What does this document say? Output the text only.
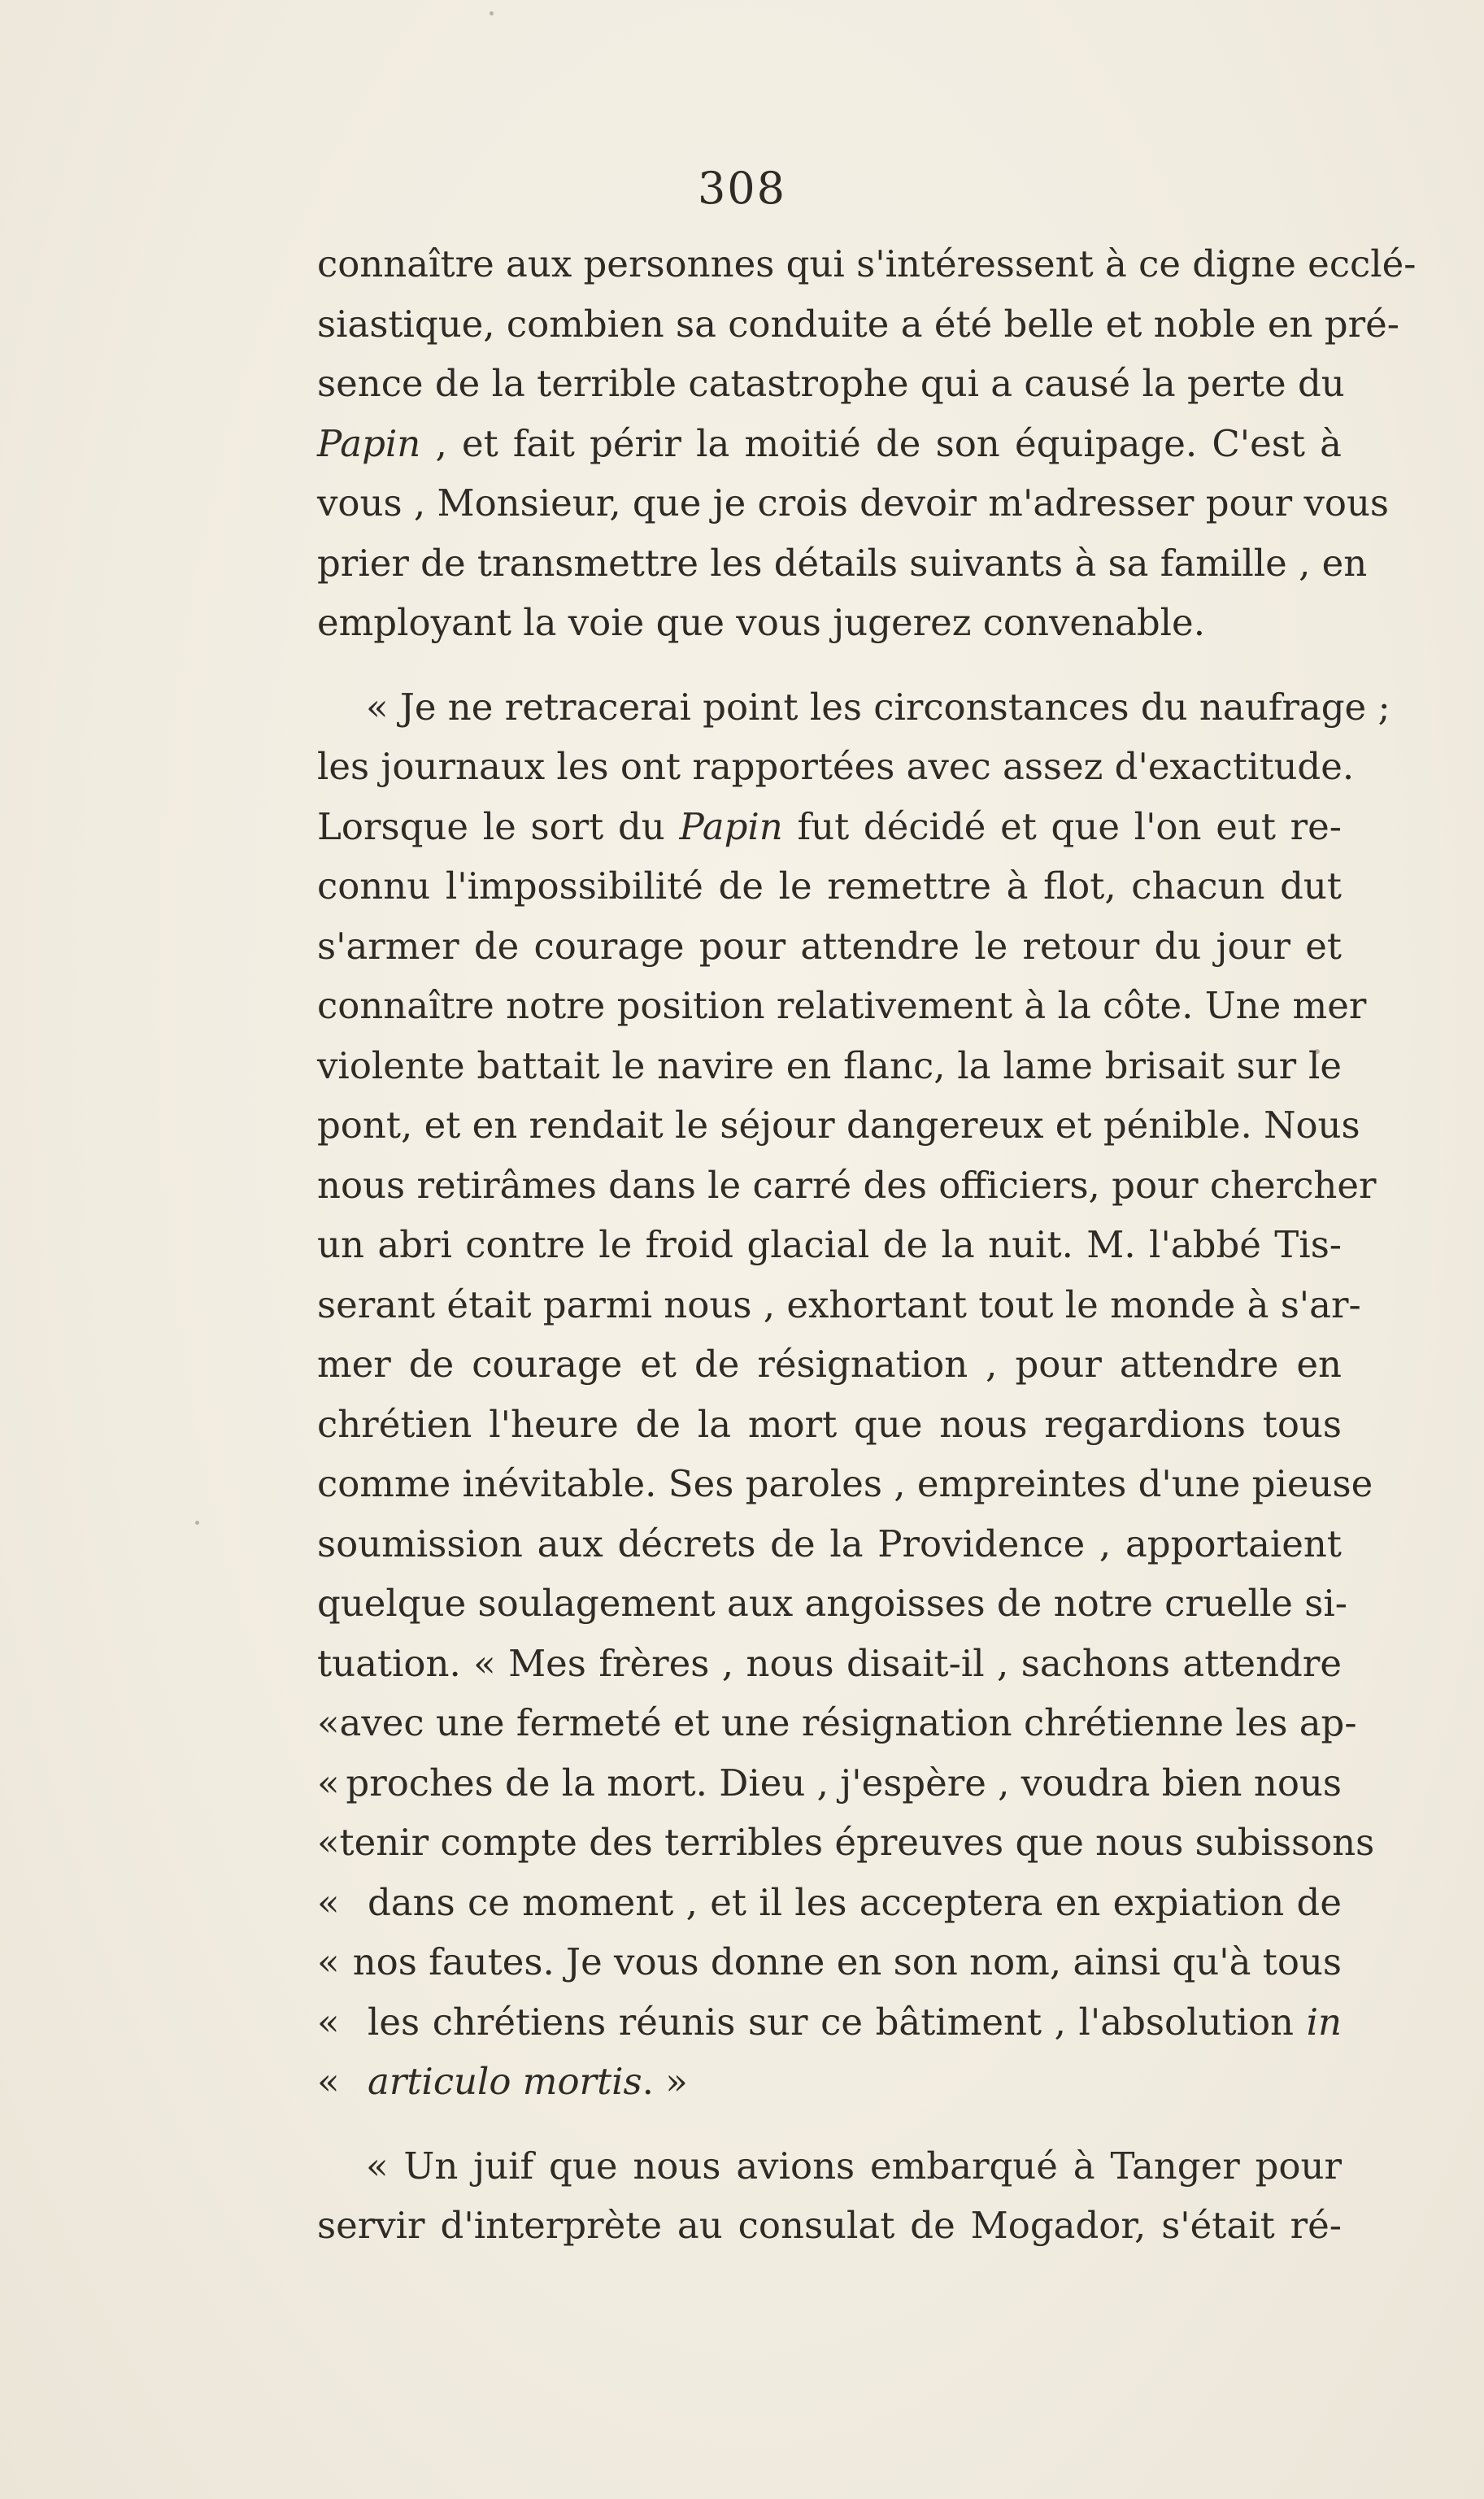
308

connaître aux personnes qui s'intéressent à ce digne ecclé-
siastique, combien sa conduite a été belle et noble en pré-
sence de la terrible catastrophe qui a causé la perte du
Papin , et fait périr la moitié de son équipage. C'est à
vous , Monsieur, que je crois devoir m'adresser pour vous
prier de transmettre les détails suivants à sa famille , en
employant la voie que vous jugerez convenable.

« Je ne retracerai point les circonstances du naufrage ;
les journaux les ont rapportées avec assez d'exactitude.
Lorsque le sort du Papin fut décidé et que l'on eut re-
connu l'impossibilité de le remettre à flot, chacun dut
s'armer de courage pour attendre le retour du jour et
connaître notre position relativement à la côte. Une mer
violente battait le navire en flanc, la lame brisait sur le
pont, et en rendait le séjour dangereux et pénible. Nous
nous retirâmes dans le carré des officiers, pour chercher
un abri contre le froid glacial de la nuit. M. l'abbé Tis-
serant était parmi nous , exhortant tout le monde à s'ar-
mer de courage et de résignation , pour attendre en
chrétien l'heure de la mort que nous regardions tous
comme inévitable. Ses paroles , empreintes d'une pieuse
soumission aux décrets de la Providence , apportaient
quelque soulagement aux angoisses de notre cruelle si-
tuation. « Mes frères , nous disait-il , sachons attendre
« avec une fermeté et une résignation chrétienne les ap-
« proches de la mort. Dieu , j'espère , voudra bien nous
« tenir compte des terribles épreuves que nous subissons
« dans ce moment , et il les acceptera en expiation de
« nos fautes. Je vous donne en son nom, ainsi qu'à tous
« les chrétiens réunis sur ce bâtiment , l'absolution in
« articulo mortis. »

« Un juif que nous avions embarqué à Tanger pour
servir d'interprète au consulat de Mogador, s'était ré-
